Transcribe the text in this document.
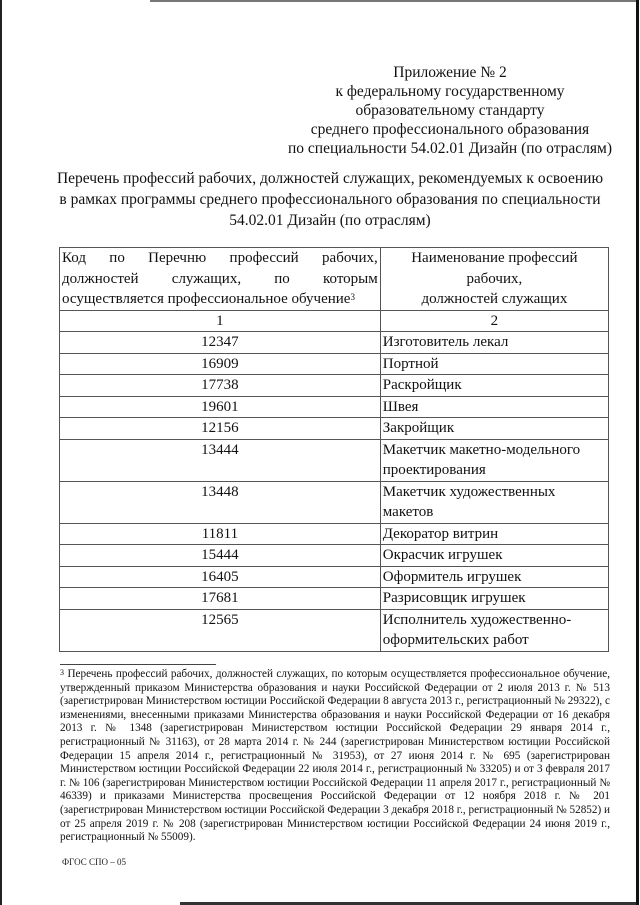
Приложение № 2
к федеральному государственному
образовательному стандарту
среднего профессионального образования
по специальности 54.02.01 Дизайн (по отраслям)
Перечень профессий рабочих, должностей служащих, рекомендуемых к освоению
в рамках программы среднего профессионального образования по специальности
54.02.01 Дизайн (по отраслям)
Код по Перечню профессий рабочих,
должностей служащих, по которым
осуществляется профессиональное обучение$^3$

Наименование профессий рабочих,
должностей служащих

1	2
12347	Изготовитель лекал
16909	Портной
17738	Раскройщик
19601	Швея
12156	Закройщик
13444	Макетчик макетно-модельного проектирования
13448	Макетчик художественных макетов
11811	Декоратор витрин
15444	Окрасчик игрушек
16405	Оформитель игрушек
17681	Разрисовщик игрушек
12565	Исполнитель художественно-оформительских работ
$^3$ Перечень профессий рабочих, должностей служащих, по которым осуществляется профессиональное обучение, утвержденный приказом Министерства образования и науки Российской Федерации от 2 июля 2013 г. № 513 (зарегистрирован Министерством юстиции Российской Федерации 8 августа 2013 г., регистрационный № 29322), с изменениями, внесенными приказами Министерства образования и науки Российской Федерации от 16 декабря 2013 г. № 1348 (зарегистрирован Министерством юстиции Российской Федерации 29 января 2014 г., регистрационный № 31163), от 28 марта 2014 г. № 244 (зарегистрирован Министерством юстиции Российской Федерации 15 апреля 2014 г., регистрационный № 31953), от 27 июня 2014 г. № 695 (зарегистрирован Министерством юстиции Российской Федерации 22 июля 2014 г., регистрационный № 33205) и от 3 февраля 2017 г. № 106 (зарегистрирован Министерством юстиции Российской Федерации 11 апреля 2017 г., регистрационный № 46339) и приказами Министерства просвещения Российской Федерации от 12 ноября 2018 г. № 201 (зарегистрирован Министерством юстиции Российской Федерации 3 декабря 2018 г., регистрационный № 52852) и от 25 апреля 2019 г. № 208 (зарегистрирован Министерством юстиции Российской Федерации 24 июня 2019 г., регистрационный № 55009).
ФГОС СПО – 05
